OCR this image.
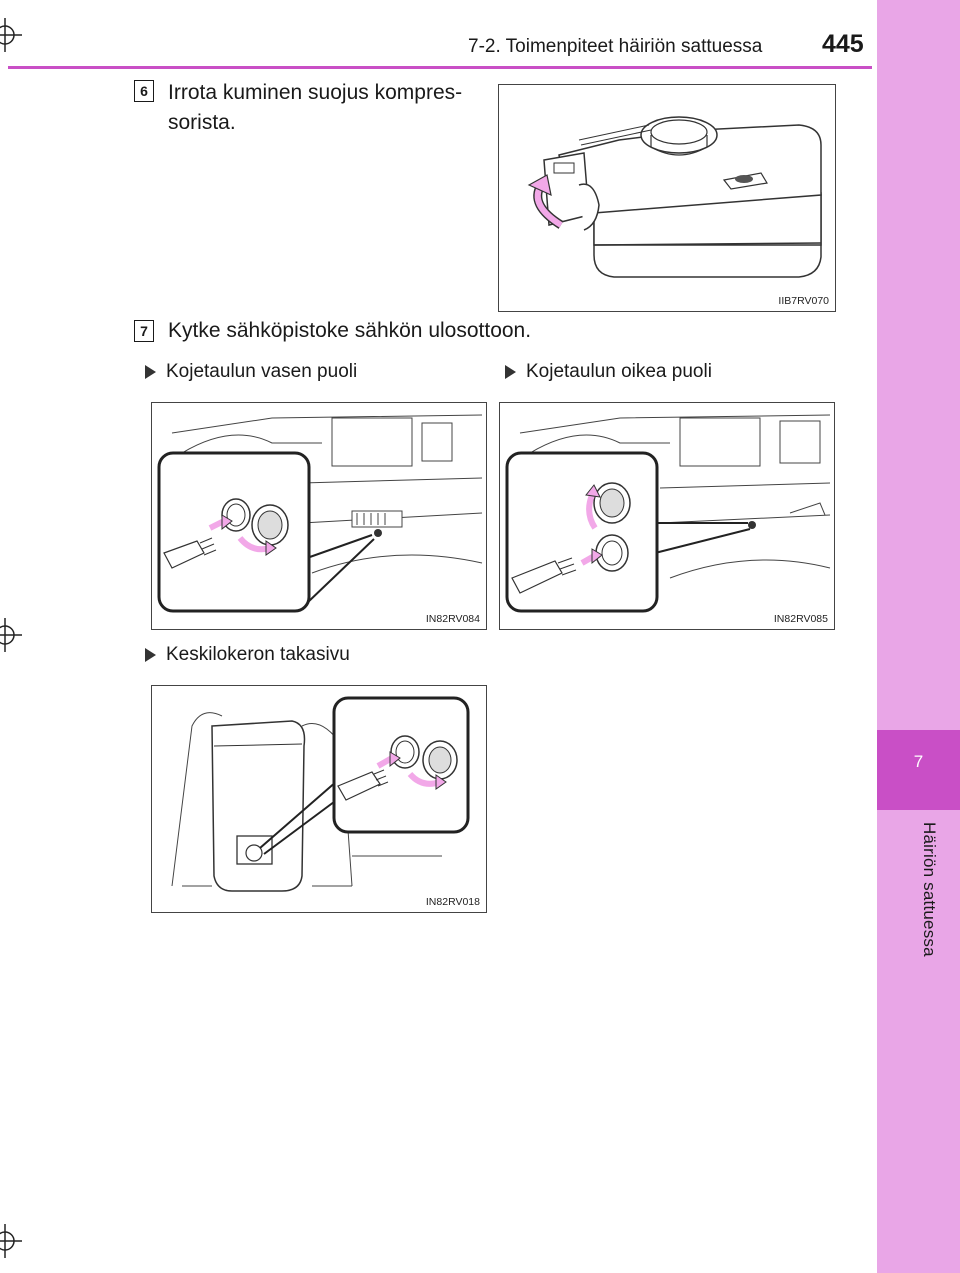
7
Häiriön sattuessa
7-2. Toimenpiteet häiriön sattuessa 445
6 Irrota kuminen suojus kompres-
sorista.
IIB7RV070
7 Kytke sähköpistoke sähkön ulosottoon.
Kojetaulun vasen puoli	Kojetaulun oikea puoli
IN82RV084	IN82RV085
Keskilokeron takasivu
IN82RV018
